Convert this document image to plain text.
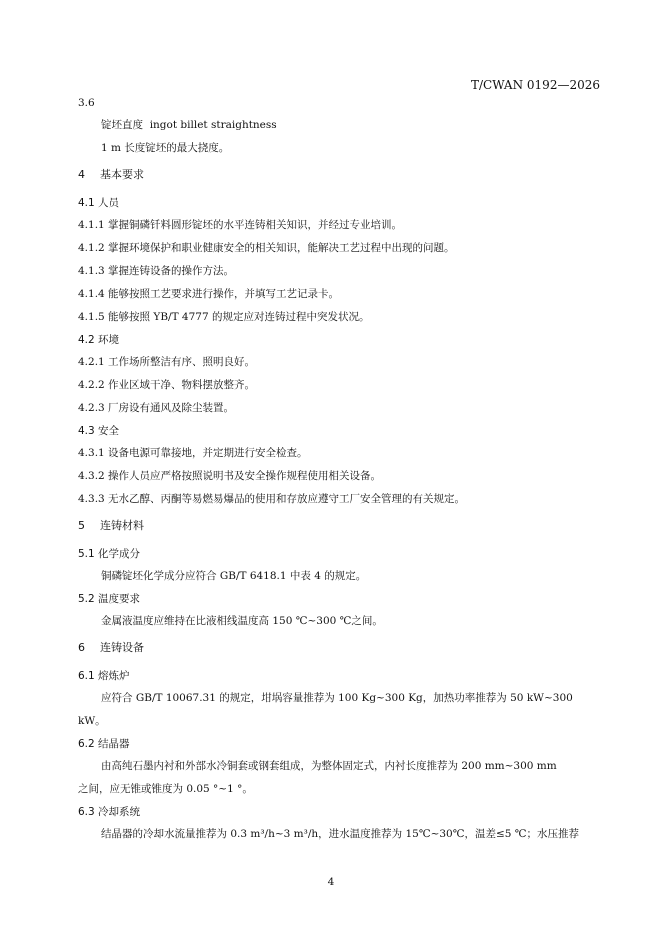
T/CWAN 0192—2026

3.6

锭坯直度 ingot billet straightness

1 m 长度锭坯的最大挠度。

4 基本要求

4.1 人员

4.1.1 掌握铜磷钎料圆形锭坯的水平连铸相关知识，并经过专业培训。

4.1.2 掌握环境保护和职业健康安全的相关知识，能解决工艺过程中出现的问题。

4.1.3 掌握连铸设备的操作方法。

4.1.4 能够按照工艺要求进行操作，并填写工艺记录卡。

4.1.5 能够按照 YB/T 4777 的规定应对连铸过程中突发状况。

4.2 环境

4.2.1 工作场所整洁有序、照明良好。

4.2.2 作业区域干净、物料摆放整齐。

4.2.3 厂房设有通风及除尘装置。

4.3 安全

4.3.1 设备电源可靠接地，并定期进行安全检查。

4.3.2 操作人员应严格按照说明书及安全操作规程使用相关设备。

4.3.3 无水乙醇、丙酮等易燃易爆品的使用和存放应遵守工厂安全管理的有关规定。

5 连铸材料

5.1 化学成分

铜磷锭坯化学成分应符合 GB/T 6418.1 中表 4 的规定。

5.2 温度要求

金属液温度应维持在比液相线温度高 150 ℃~300 ℃之间。

6 连铸设备

6.1 熔炼炉

应符合 GB/T 10067.31 的规定，坩埚容量推荐为 100 Kg~300 Kg，加热功率推荐为 50 kW~300

kW。

6.2 结晶器

由高纯石墨内衬和外部水冷铜套或钢套组成，为整体固定式，内衬长度推荐为 200 mm~300 mm

之间，应无锥或锥度为 0.05 °~1 °。

6.3 冷却系统

结晶器的冷却水流量推荐为 0.3 m³/h~3 m³/h，进水温度推荐为 15℃~30℃，温差≤5 ℃；水压推荐

4
